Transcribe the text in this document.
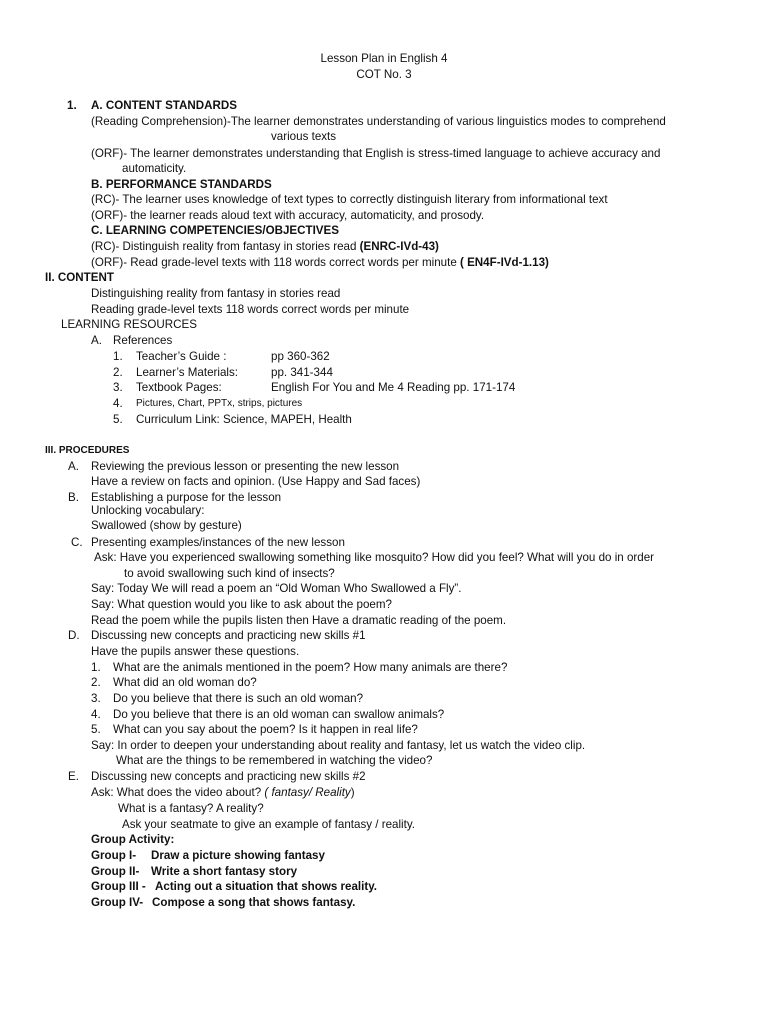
Lesson Plan in English 4
COT No. 3
1. A. CONTENT STANDARDS
(Reading Comprehension)-The learner demonstrates understanding of various linguistics modes to comprehend
various texts
(ORF)- The learner demonstrates understanding that English is stress-timed language to achieve accuracy and
automaticity.
B. PERFORMANCE STANDARDS
(RC)- The learner uses knowledge of text types to correctly distinguish literary from informational text
(ORF)- the learner reads aloud text with accuracy, automaticity, and prosody.
C. LEARNING COMPETENCIES/OBJECTIVES
(RC)- Distinguish reality from fantasy in stories read (ENRC-IVd-43)
(ORF)- Read grade-level texts with 118 words correct words per minute ( EN4F-IVd-1.13)
II. CONTENT
Distinguishing reality from fantasy in stories read
Reading grade-level texts 118 words correct words per minute
LEARNING RESOURCES
A. References
1. Teacher’s Guide :	pp 360-362
2. Learner’s Materials:	pp. 341-344
3. Textbook Pages:	English For You and Me 4 Reading pp. 171-174
4. Pictures, Chart, PPTx, strips, pictures
5. Curriculum Link: Science, MAPEH, Health
III. PROCEDURES
A. Reviewing the previous lesson or presenting the new lesson
Have a review on facts and opinion. (Use Happy and Sad faces)
B. Establishing a purpose for the lesson
Unlocking vocabulary:
Swallowed (show by gesture)
C. Presenting examples/instances of the new lesson
Ask: Have you experienced swallowing something like mosquito? How did you feel? What will you do in order
to avoid swallowing such kind of insects?
Say: Today We will read a poem an “Old Woman Who Swallowed a Fly”.
Say: What question would you like to ask about the poem?
Read the poem while the pupils listen then Have a dramatic reading of the poem.
D. Discussing new concepts and practicing new skills #1
Have the pupils answer these questions.
1. What are the animals mentioned in the poem? How many animals are there?
2. What did an old woman do?
3. Do you believe that there is such an old woman?
4. Do you believe that there is an old woman can swallow animals?
5. What can you say about the poem? Is it happen in real life?
Say: In order to deepen your understanding about reality and fantasy, let us watch the video clip.
What are the things to be remembered in watching the video?
E. Discussing new concepts and practicing new skills #2
Ask: What does the video about? ( fantasy/ Reality)
What is a fantasy? A reality?
Ask your seatmate to give an example of fantasy / reality.
Group Activity:
Group I- Draw a picture showing fantasy
Group II- Write a short fantasy story
Group III - Acting out a situation that shows reality.
Group IV- Compose a song that shows fantasy.
